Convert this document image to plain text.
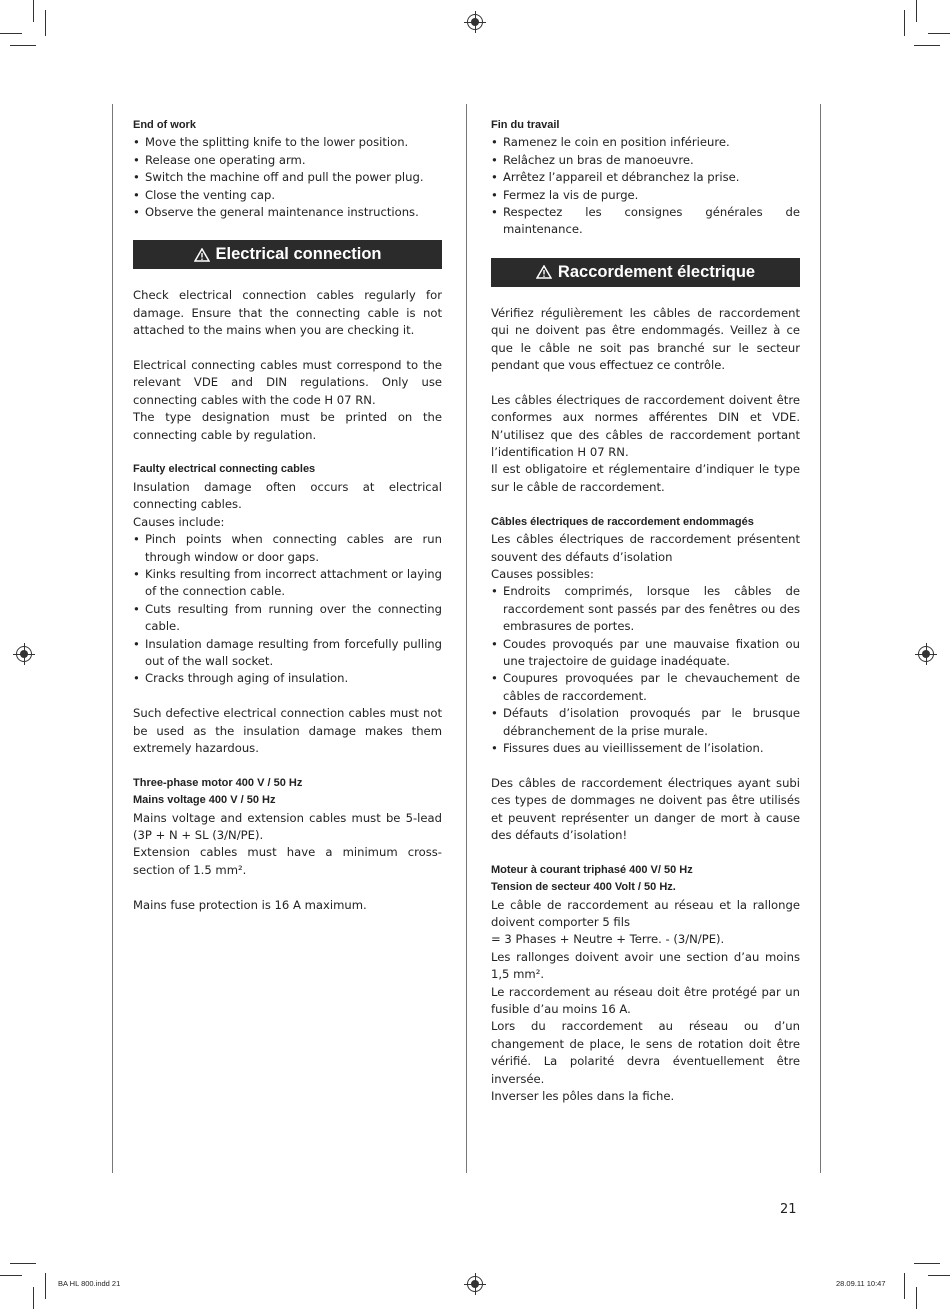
End of work

• Move the splitting knife to the lower position.
• Release one operating arm.
• Switch the machine off and pull the power plug.
• Close the venting cap.
• Observe the general maintenance instructions.
Electrical connection

Check electrical connection cables regularly for damage. Ensure that the connecting cable is not attached to the mains when you are checking it.

Electrical connecting cables must correspond to the relevant VDE and DIN regulations. Only use connecting cables with the code H 07 RN.

The type designation must be printed on the connecting cable by regulation.

Faulty electrical connecting cables

Insulation damage often occurs at electrical connecting cables.

Causes include:

• Pinch points when connecting cables are run through window or door gaps.
• Kinks resulting from incorrect attachment or laying of the connection cable.
• Cuts resulting from running over the connecting cable.
• Insulation damage resulting from forcefully pulling out of the wall socket.
• Cracks through aging of insulation.

Such defective electrical connection cables must not be used as the insulation damage makes them extremely hazardous.

Three-phase motor 400 V / 50 Hz

Mains voltage 400 V / 50 Hz

Mains voltage and extension cables must be 5-lead (3P + N + SL (3/N/PE).

Extension cables must have a minimum cross-section of 1.5 mm².

Mains fuse protection is 16 A maximum.

Fin du travail

• Ramenez le coin en position inférieure.
• Relâchez un bras de manoeuvre.
• Arrêtez l’appareil et débranchez la prise.
• Fermez la vis de purge.
• Respectez les consignes générales de maintenance.
Raccordement électrique

Vérifiez régulièrement les câbles de raccordement qui ne doivent pas être endommagés. Veillez à ce que le câble ne soit pas branché sur le secteur pendant que vous effectuez ce contrôle.

Les câbles électriques de raccordement doivent être conformes aux normes afférentes DIN et VDE. N’utilisez que des câbles de raccordement portant l’identification H 07 RN.

Il est obligatoire et réglementaire d’indiquer le type sur le câble de raccordement.

Câbles électriques de raccordement endommagés

Les câbles électriques de raccordement présentent souvent des défauts d’isolation

Causes possibles:

• Endroits comprimés, lorsque les câbles de raccordement sont passés par des fenêtres ou des embrasures de portes.
• Coudes provoqués par une mauvaise fixation ou une trajectoire de guidage inadéquate.
• Coupures provoquées par le chevauchement de câbles de raccordement.
• Défauts d’isolation provoqués par le brusque débranchement de la prise murale.
• Fissures dues au vieillissement de l’isolation.

Des câbles de raccordement électriques ayant subi ces types de dommages ne doivent pas être utilisés et peuvent représenter un danger de mort à cause des défauts d’isolation!

Moteur à courant triphasé 400 V/ 50 Hz

Tension de secteur 400 Volt / 50 Hz.

Le câble de raccordement au réseau et la rallonge doivent comporter 5 fils

= 3 Phases + Neutre + Terre. - (3/N/PE).

Les rallonges doivent avoir une section d’au moins 1,5 mm².

Le raccordement au réseau doit être protégé par un fusible d’au moins 16 A.

Lors du raccordement au réseau ou d’un changement de place, le sens de rotation doit être vérifié. La polarité devra éventuellement être inversée.

Inverser les pôles dans la fiche.

21
BA HL 800.indd 21	28.09.11 10:47
